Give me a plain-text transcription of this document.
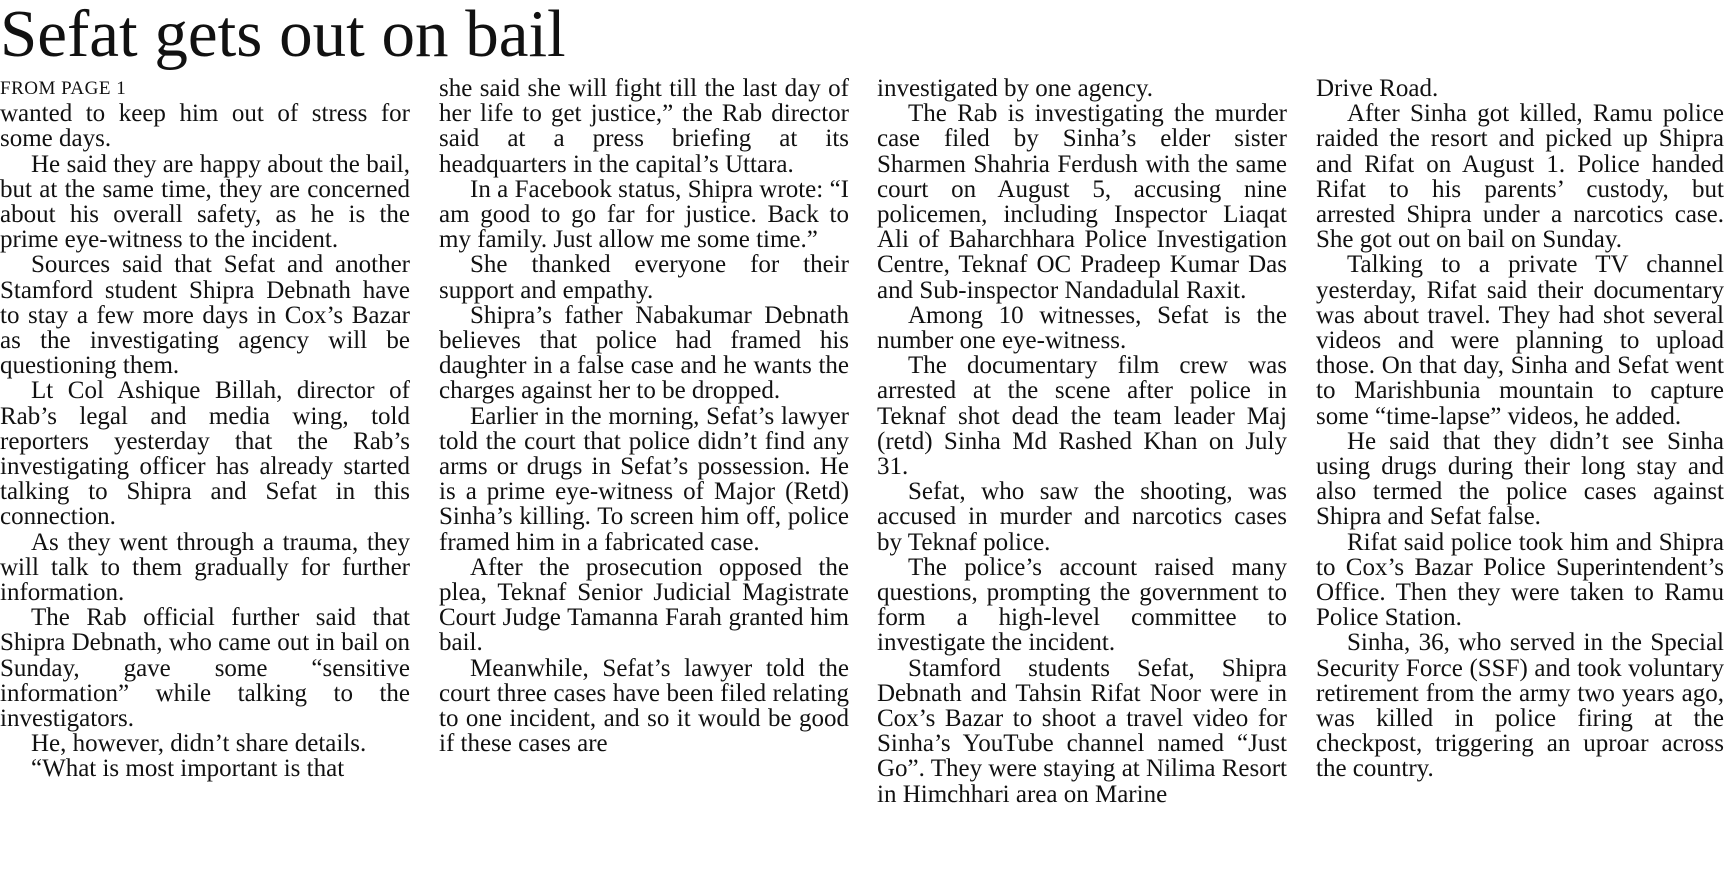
Sefat gets out on bail
FROM PAGE 1

wanted to keep him out of stress for some days.

He said they are happy about the bail, but at the same time, they are concerned about his overall safety, as he is the prime eye-witness to the incident.

Sources said that Sefat and another Stamford student Shipra Debnath have to stay a few more days in Cox’s Bazar as the investigating agency will be questioning them.

Lt Col Ashique Billah, director of Rab’s legal and media wing, told reporters yesterday that the Rab’s investigating officer has already started talking to Shipra and Sefat in this connection.

As they went through a trauma, they will talk to them gradually for further information.

The Rab official further said that Shipra Debnath, who came out in bail on Sunday, gave some “sensitive information” while talking to the investigators.

He, however, didn’t share details.

“What is most important is that

she said she will fight till the last day of her life to get justice,” the Rab director said at a press briefing at its headquarters in the capital’s Uttara.

In a Facebook status, Shipra wrote: “I am good to go far for justice. Back to my family. Just allow me some time.”

She thanked everyone for their support and empathy.

Shipra’s father Nabakumar Debnath believes that police had framed his daughter in a false case and he wants the charges against her to be dropped.

Earlier in the morning, Sefat’s lawyer told the court that police didn’t find any arms or drugs in Sefat’s possession. He is a prime eye-witness of Major (Retd) Sinha’s killing. To screen him off, police framed him in a fabricated case.

After the prosecution opposed the plea, Teknaf Senior Judicial Magistrate Court Judge Tamanna Farah granted him bail.

Meanwhile, Sefat’s lawyer told the court three cases have been filed relating to one incident, and so it would be good if these cases are

investigated by one agency.

The Rab is investigating the murder case filed by Sinha’s elder sister Sharmen Shahria Ferdush with the same court on August 5, accusing nine policemen, including Inspector Liaqat Ali of Baharchhara Police Investigation Centre, Teknaf OC Pradeep Kumar Das and Sub-inspector Nandadulal Raxit.

Among 10 witnesses, Sefat is the number one eye-witness.

The documentary film crew was arrested at the scene after police in Teknaf shot dead the team leader Maj (retd) Sinha Md Rashed Khan on July 31.

Sefat, who saw the shooting, was accused in murder and narcotics cases by Teknaf police.

The police’s account raised many questions, prompting the government to form a high-level committee to investigate the incident.

Stamford students Sefat, Shipra Debnath and Tahsin Rifat Noor were in Cox’s Bazar to shoot a travel video for Sinha’s YouTube channel named “Just Go”. They were staying at Nilima Resort in Himchhari area on Marine

Drive Road.

After Sinha got killed, Ramu police raided the resort and picked up Shipra and Rifat on August 1. Police handed Rifat to his parents’ custody, but arrested Shipra under a narcotics case. She got out on bail on Sunday.

Talking to a private TV channel yesterday, Rifat said their documentary was about travel. They had shot several videos and were planning to upload those. On that day, Sinha and Sefat went to Marishbunia mountain to capture some “time-lapse” videos, he added.

He said that they didn’t see Sinha using drugs during their long stay and also termed the police cases against Shipra and Sefat false.

Rifat said police took him and Shipra to Cox’s Bazar Police Superintendent’s Office. Then they were taken to Ramu Police Station.

Sinha, 36, who served in the Special Security Force (SSF) and took voluntary retirement from the army two years ago, was killed in police firing at the checkpost, triggering an uproar across the country.
